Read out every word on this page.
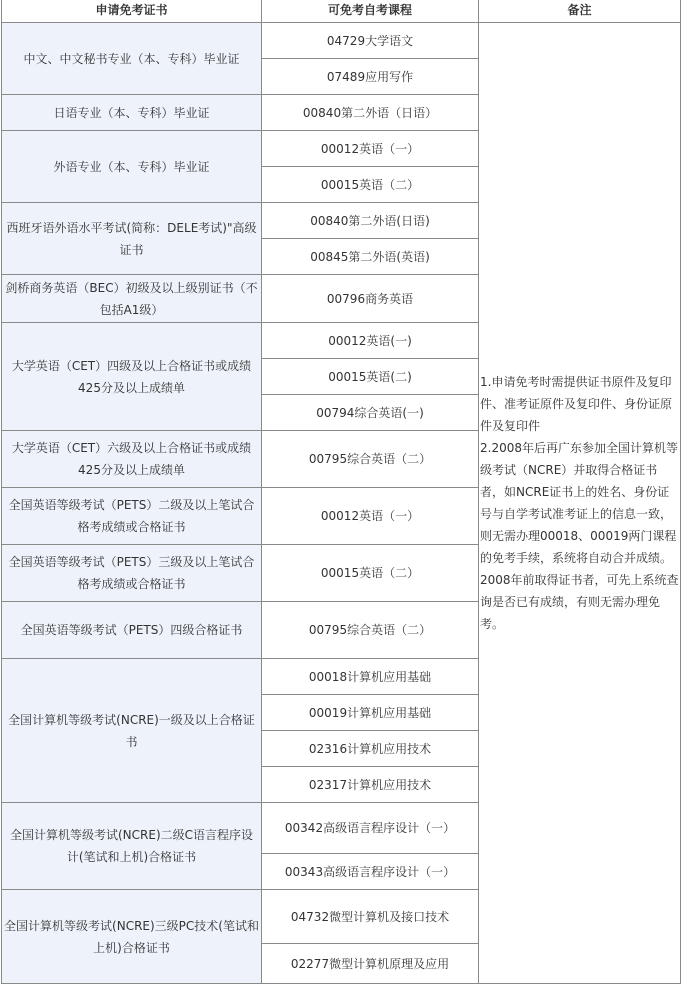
申请免考证书	可免考自考课程	备注
中文、中文秘书专业（本、专科）毕业证	04729大学语文	1.申请免考时需提供证书原件及复印件、准考证原件及复印件、身份证原件及复印件

2.2008年后再广东参加全国计算机等级考试（NCRE）并取得合格证书者，如NCRE证书上的姓名、身份证号与自学考试准考证上的信息一致，则无需办理00018、00019两门课程的免考手续，系统将自动合并成绩。

2008年前取得证书者，可先上系统查询是否已有成绩，有则无需办理免考。

	07489应用写作	
日语专业（本、专科）毕业证	00840第二外语（日语）	
外语专业（本、专科）毕业证	00012英语（一）	
	00015英语（二）	
西班牙语外语水平考试(简称：DELE考试)"高级证书	00840第二外语(日语)	
	00845第二外语(英语)	
剑桥商务英语（BEC）初级及以上级别证书（不包括A1级）	00796商务英语	
大学英语（CET）四级及以上合格证书或成绩425分及以上成绩单	00012英语(一)	
	00015英语(二)	
	00794综合英语(一)	
大学英语（CET）六级及以上合格证书或成绩425分及以上成绩单	00795综合英语（二）	
全国英语等级考试（PETS）二级及以上笔试合格考成绩或合格证书	00012英语（一）	
全国英语等级考试（PETS）三级及以上笔试合格考成绩或合格证书	00015英语（二）	
全国英语等级考试（PETS）四级合格证书	00795综合英语（二）	
全国计算机等级考试(NCRE)一级及以上合格证书	00018计算机应用基础	
	00019计算机应用基础	
	02316计算机应用技术	
	02317计算机应用技术	
全国计算机等级考试(NCRE)二级C语言程序设计(笔试和上机)合格证书	00342高级语言程序设计（一）	
	00343高级语言程序设计（一）	
全国计算机等级考试(NCRE)三级PC技术(笔试和上机)合格证书	04732微型计算机及接口技术	
	02277微型计算机原理及应用	
